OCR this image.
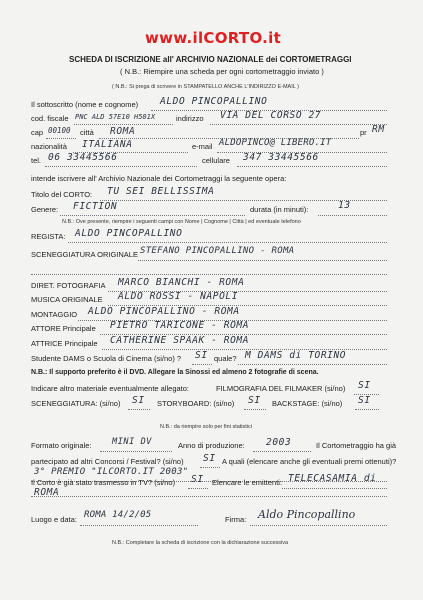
www.ilCORTO.it
SCHEDA DI ISCRIZIONE all' ARCHIVIO NAZIONALE dei CORTOMETRAGGI
( N.B.: Riempire una scheda per ogni cortometraggio inviato )
( N.B.: Si prega di scrivere in STAMPATELLO ANCHE L'INDIRIZZO E-MAIL )
Il sottoscritto (nome e cognome) ALDO PINCOPALLINO
cod. fiscale PNC ALD 57E10 H501X	indirizzo VIA DEL CORSO 27
cap 00100 città ROMA	pr RM
nazionalità ITALIANA	e-mail ALDOPINCO@ LIBERO.IT
tel. 06 33445566	cellulare 347 33445566
intende iscrivere all' Archivio Nazionale dei Cortometraggi la seguente opera:
Titolo del CORTO: TU SEI BELLISSIMA
Genere: FICTION	durata (in minuti):	13
N.B.: Ove presente, riempire i seguenti campi con Nome | Cognome | Città | ed eventuale telefono
REGISTA: ALDO PINCOPALLINO
SCENEGGIATURA ORIGINALE STEFANO PINCOPALLINO - ROMA
DIRET. FOTOGRAFIA MARCO BIANCHI - ROMA
MUSICA ORIGINALE ALDO ROSSI - NAPOLI
MONTAGGIO ALDO PINCOPALLINO - ROMA
ATTORE Principale PIETRO TARICONE - ROMA
ATTRICE Principale CATHERINE SPAAK - ROMA
Studente DAMS o Scuola di Cinema (si/no) ? SI quale? M DAMS di TORINO
N.B.: Il supporto preferito è il DVD. Allegare la Sinossi ed almeno 2 fotografie di scena.
Indicare altro materiale eventualmente allegato:	FILMOGRAFIA DEL FILMAKER (si/no) SI
SCENEGGIATURA: (si/no) SI STORYBOARD: (si/no) SI BACKSTAGE: (si/no) SI
N.B.: da riempire solo per fini statistici
Formato originale: MINI DV	Anno di produzione: 2003	Il Cortometraggio ha già
partecipato ad altri Concorsi / Festival? (si/no) SI A quali (elencare anche gli eventuali premi ottenuti)?
3° PREMIO "ILCORTO.IT 2003"
Il Corto è già stato trasmesso in TV? (si/no) SI Elencare le emittenti: TELECASAMIA di
ROMA
Luogo e data: ROMA 14/2/05	Firma: Aldo Pincopallino
N.B.: Completare la scheda di iscrizione con la dichiarazione successiva
